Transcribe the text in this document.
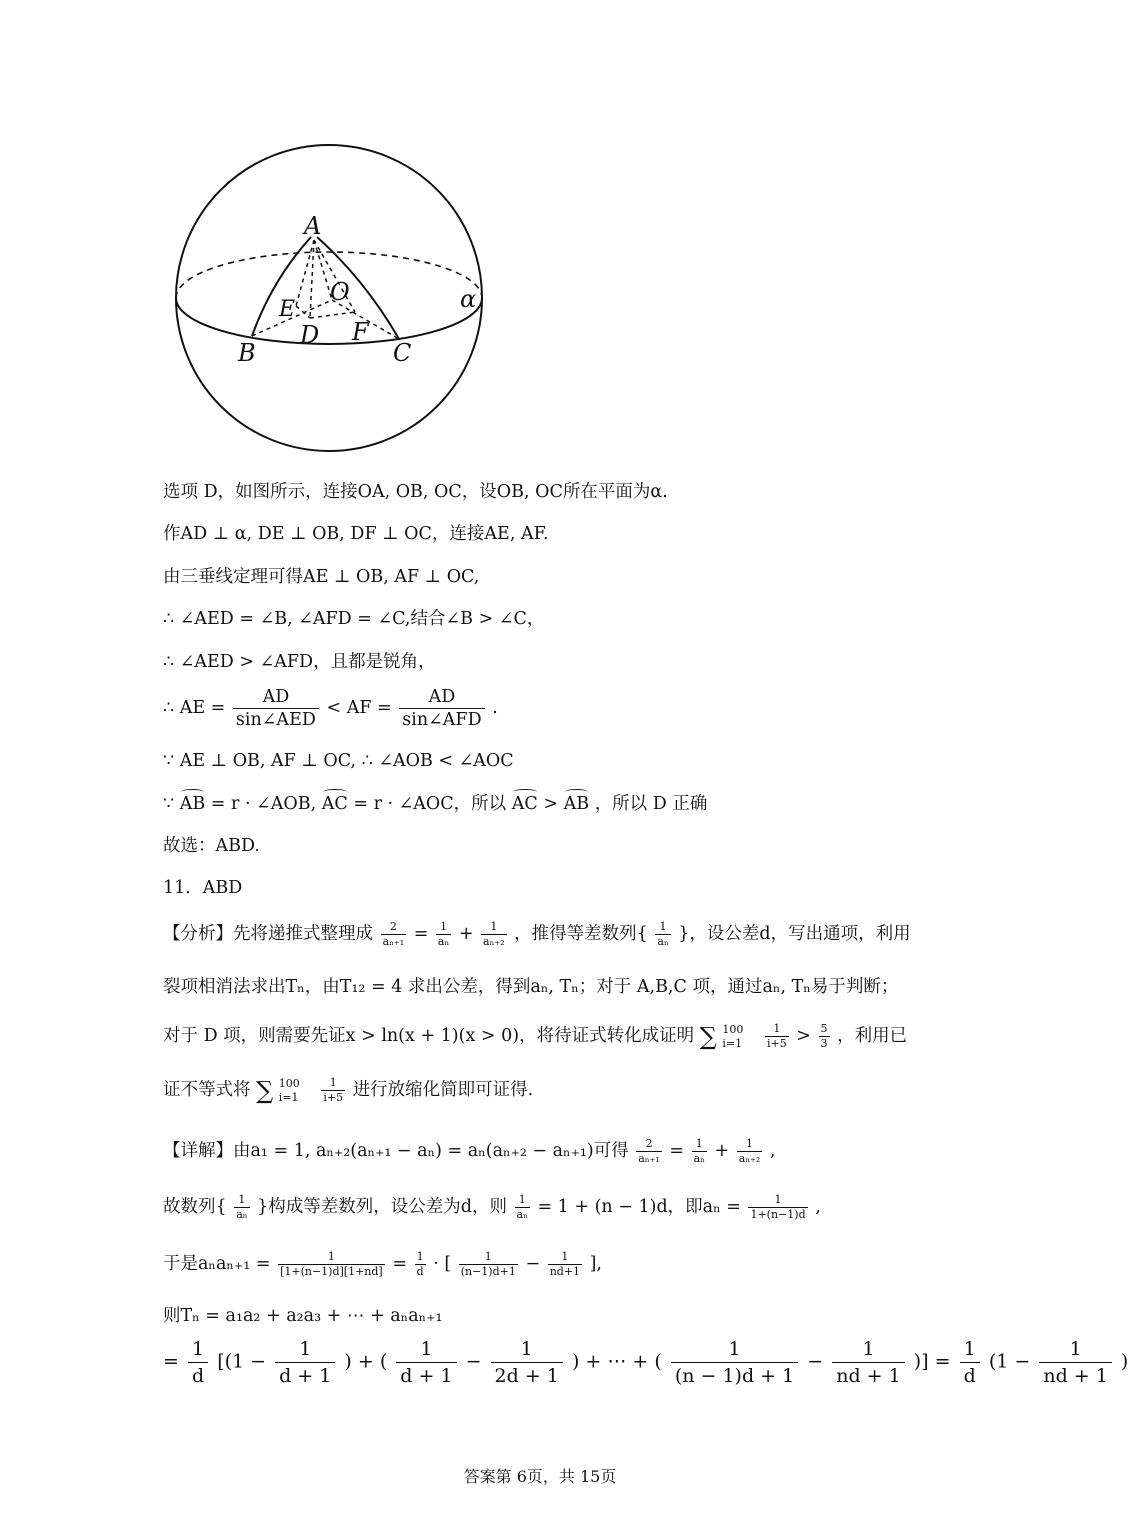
A
O
E
D F
B	C
α
选项 D，如图所示，连接OA, OB, OC，设OB, OC所在平面为α.
作AD ⊥ α, DE ⊥ OB, DF ⊥ OC，连接AE, AF.
由三垂线定理可得AE ⊥ OB, AF ⊥ OC,
∴ ∠AED = ∠B, ∠AFD = ∠C,结合∠B > ∠C，
∴ ∠AED > ∠AFD，且都是锐角，
∴ AE = $\frac{AD}{\text{sin∠AED}}$ < AF = $\frac{AD}{\text{sin∠AFD}}$ .
∵ AE ⊥ OB, AF ⊥ OC, ∴ ∠AOB < ∠AOC
∵ AB = r · ∠AOB, AC = r · ∠AOC，所以 AC > AB ，所以 D 正确
故选：ABD.
11．ABD
【分析】先将递推式整理成 $\frac{2}{\text{aₙ₊₁}} = \frac{1}{\text{aₙ}} + \frac{1}{\text{aₙ₊₂}}$ ，推得等差数列{ $\frac{1}{\text{aₙ}}$ }，设公差d，写出通项，利用
裂项相消法求出Tₙ，由T₁₂ = 4 求出公差，得到aₙ, Tₙ；对于 A,B,C 项，通过aₙ, Tₙ易于判断；
对于 D 项，则需要先证x > ln(x + 1)(x > 0)，将待证式转化成证明 ∑ 100
$i=1 \frac{1}{i+5} > \frac{5}{3}$ ，利用已
证不等式将 ∑ 100
$i=1 \frac{1}{i+5}$ 进行放缩化简即可证得.
【详解】由a₁ = 1, aₙ₊₂(aₙ₊₁ − aₙ) = aₙ(aₙ₊₂ − aₙ₊₁)可得 $\frac{2}{\text{aₙ₊₁}} = \frac{1}{\text{aₙ}} + \frac{1}{\text{aₙ₊₂}}$ ,
故数列{ $\frac{1}{\text{aₙ}}$ }构成等差数列，设公差为d，则 $\frac{1}{\text{aₙ}} = 1 + (n - 1)d$，即$a_n = \frac{1}{1+(n-1)d}$ ,
于是$a_na_{n+1} = \frac{1}{[1+(n-1)d][1+nd]} = \frac{1}{d}$ · [ $\frac{1}{(n-1)d+1} - \frac{1}{nd+1}$ ],
则Tₙ = a₁a₂ + a₂a₃ + ⋯ + aₙaₙ₊₁
= $\frac{1}{d} [(1 - \frac{1}{d + 1}$ ) + ( $\frac{1}{d + 1} - \frac{1}{2d + 1}$ ) + ⋯ + ( $\frac{1}{(n - 1)d + 1} - \frac{1}{nd + 1}$ )] = $\frac{1}{d} (1 - \frac{1}{nd + 1}$ )
答案第 6页，共 15页
